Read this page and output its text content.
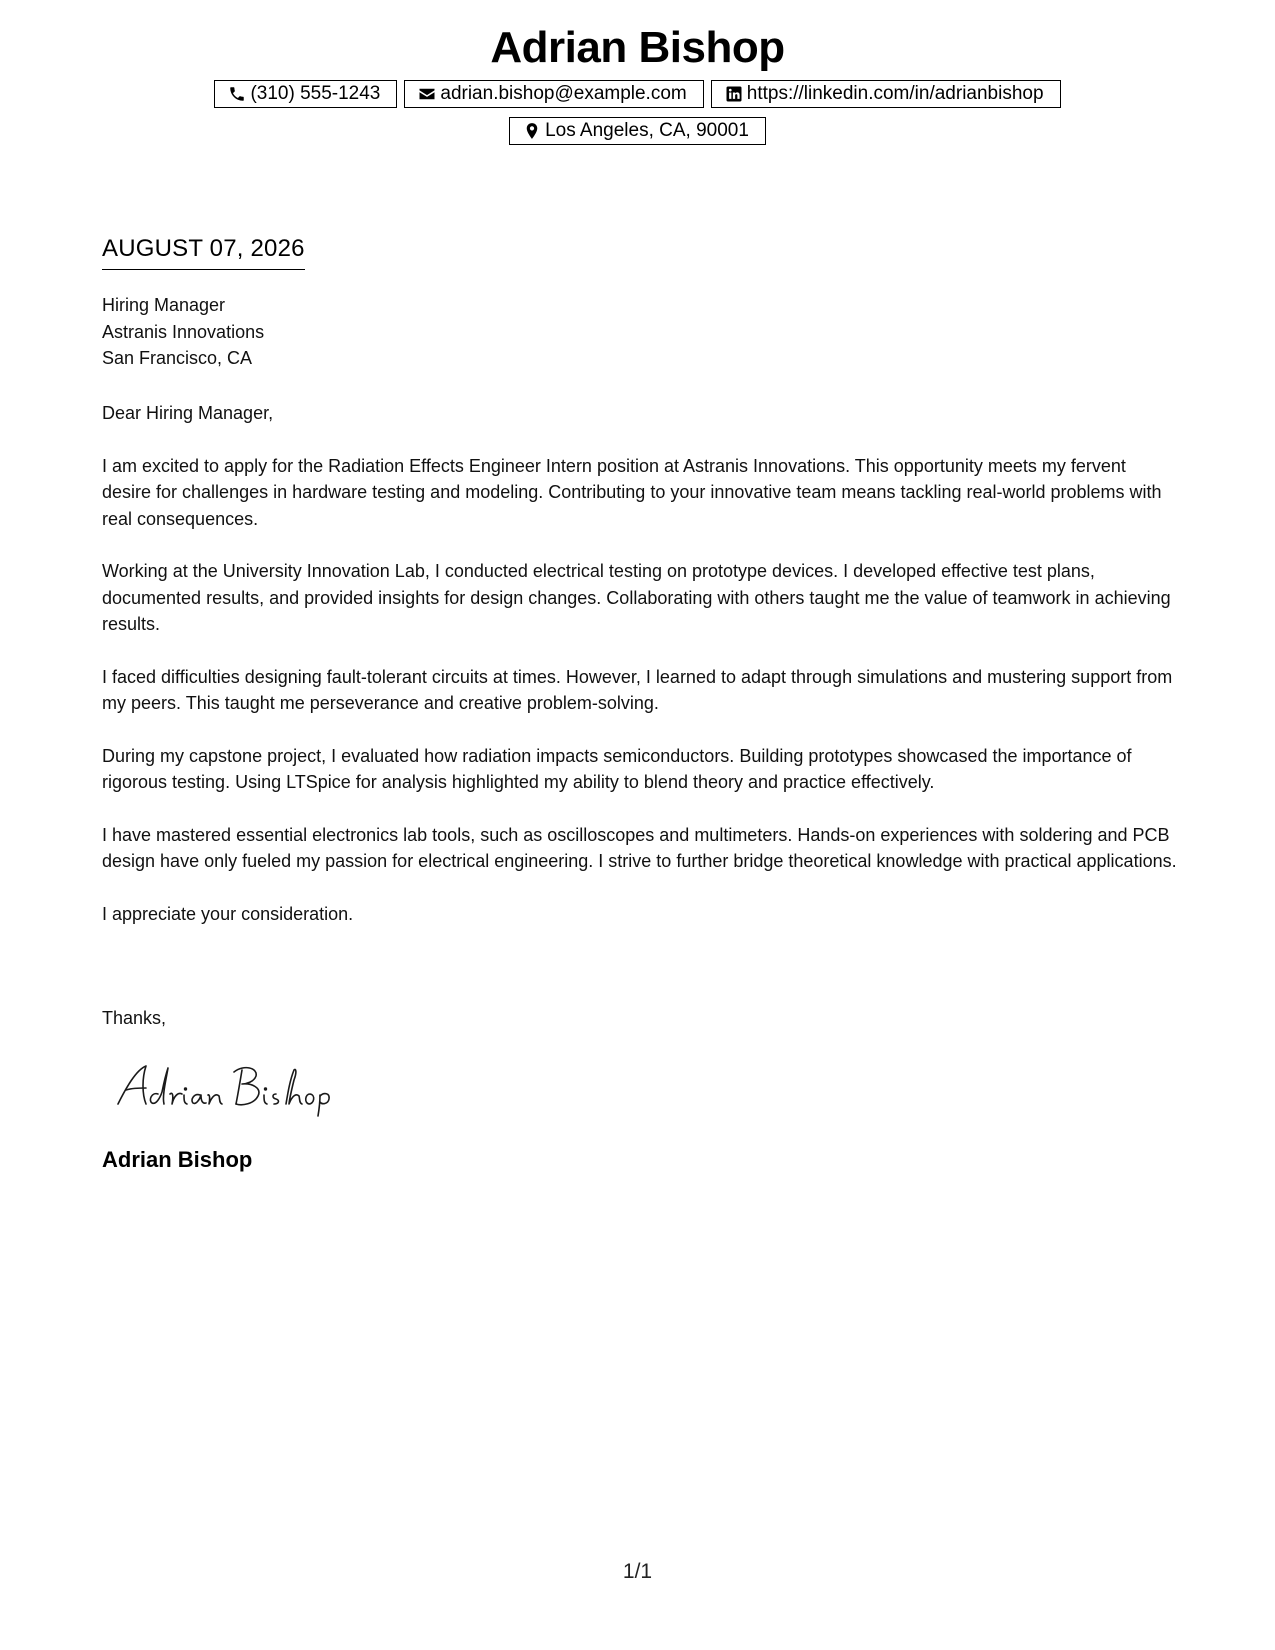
Adrian Bishop
(310) 555-1243	adrian.bishop@example.com	https://linkedin.com/in/adrianbishop
Los Angeles, CA, 90001
AUGUST 07, 2026
Hiring Manager
Astranis Innovations
San Francisco, CA

Dear Hiring Manager,

I am excited to apply for the Radiation Effects Engineer Intern position at Astranis Innovations. This opportunity meets my fervent desire for challenges in hardware testing and modeling. Contributing to your innovative team means tackling real-world problems with real consequences.

Working at the University Innovation Lab, I conducted electrical testing on prototype devices. I developed effective test plans, documented results, and provided insights for design changes. Collaborating with others taught me the value of teamwork in achieving results.

I faced difficulties designing fault-tolerant circuits at times. However, I learned to adapt through simulations and mustering support from my peers. This taught me perseverance and creative problem-solving.

During my capstone project, I evaluated how radiation impacts semiconductors. Building prototypes showcased the importance of rigorous testing. Using LTSpice for analysis highlighted my ability to blend theory and practice effectively.

I have mastered essential electronics lab tools, such as oscilloscopes and multimeters. Hands-on experiences with soldering and PCB design have only fueled my passion for electrical engineering. I strive to further bridge theoretical knowledge with practical applications.

I appreciate your consideration.

Thanks,
Adrian Bishop
1/1
